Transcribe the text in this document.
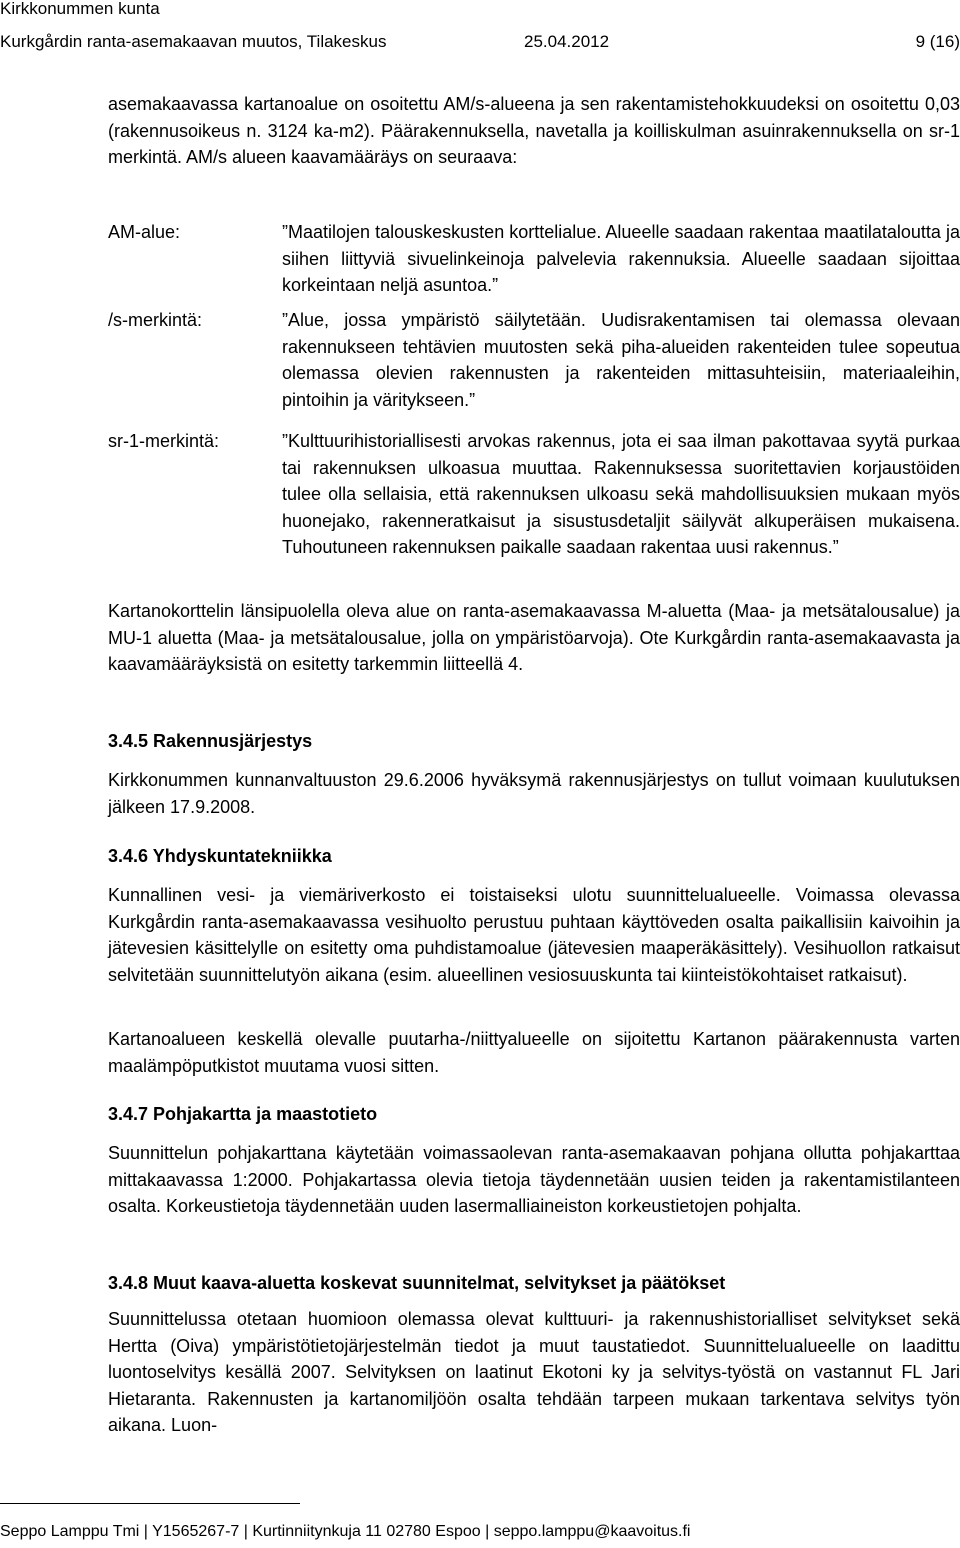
Kirkkonummen kunta
Kurkgårdin ranta-asemakaavan muutos, Tilakeskus	25.04.2012	9 (16)

asemakaavassa kartanoalue on osoitettu AM/s-alueena ja sen rakentamistehokkuudeksi on osoitettu 0,03 (rakennusoikeus n. 3124 ka-m2). Päärakennuksella, navetalla ja koilliskulman asuinrakennuksella on sr-1 merkintä. AM/s alueen kaavamääräys on seuraava:

AM-alue:	”Maatilojen talouskeskusten korttelialue. Alueelle saadaan rakentaa maatilataloutta ja siihen liittyviä sivuelinkeinoja palvelevia rakennuksia. Alueelle saadaan sijoittaa korkeintaan neljä asuntoa.”
/s-merkintä:	”Alue, jossa ympäristö säilytetään. Uudisrakentamisen tai olemassa olevaan rakennukseen tehtävien muutosten sekä piha-alueiden rakenteiden tulee sopeutua olemassa olevien rakennusten ja rakenteiden mittasuhteisiin, materiaaleihin, pintoihin ja väritykseen.”
sr-1-merkintä:	”Kulttuurihistoriallisesti arvokas rakennus, jota ei saa ilman pakottavaa syytä purkaa tai rakennuksen ulkoasua muuttaa. Rakennuksessa suoritettavien korjaustöiden tulee olla sellaisia, että rakennuksen ulkoasu sekä mahdollisuuksien mukaan myös huonejako, rakenneratkaisut ja sisustusdetaljit säilyvät alkuperäisen mukaisena. Tuhoutuneen rakennuksen paikalle saadaan rakentaa uusi rakennus.”

Kartanokorttelin länsipuolella oleva alue on ranta-asemakaavassa M-aluetta (Maa- ja metsätalousalue) ja MU-1 aluetta (Maa- ja metsätalousalue, jolla on ympäristöarvoja). Ote Kurkgårdin ranta-asemakaavasta ja kaavamääräyksistä on esitetty tarkemmin liitteellä 4.

3.4.5 Rakennusjärjestys

Kirkkonummen kunnanvaltuuston 29.6.2006 hyväksymä rakennusjärjestys on tullut voimaan kuulutuksen jälkeen 17.9.2008.

3.4.6 Yhdyskuntatekniikka

Kunnallinen vesi- ja viemäriverkosto ei toistaiseksi ulotu suunnittelualueelle. Voimassa olevassa Kurkgårdin ranta-asemakaavassa vesihuolto perustuu puhtaan käyttöveden osalta paikallisiin kaivoihin ja jätevesien käsittelylle on esitetty oma puhdistamoalue (jätevesien maaperäkäsittely). Vesihuollon ratkaisut selvitetään suunnittelutyön aikana (esim. alueellinen vesiosuuskunta tai kiinteistökohtaiset ratkaisut).

Kartanoalueen keskellä olevalle puutarha-/niittyalueelle on sijoitettu Kartanon päärakennusta varten maalämpöputkistot muutama vuosi sitten.

3.4.7 Pohjakartta ja maastotieto

Suunnittelun pohjakarttana käytetään voimassaolevan ranta-asemakaavan pohjana ollutta pohjakarttaa mittakaavassa 1:2000. Pohjakartassa olevia tietoja täydennetään uusien teiden ja rakentamistilanteen osalta. Korkeustietoja täydennetään uuden lasermalliaineiston korkeustietojen pohjalta.

3.4.8 Muut kaava-aluetta koskevat suunnitelmat, selvitykset ja päätökset

Suunnittelussa otetaan huomioon olemassa olevat kulttuuri- ja rakennushistorialliset selvitykset sekä Hertta (Oiva) ympäristötietojärjestelmän tiedot ja muut taustatiedot. Suunnittelualueelle on laadittu luontoselvitys kesällä 2007. Selvityksen on laatinut Ekotoni ky ja selvitys-työstä on vastannut FL Jari Hietaranta. Rakennusten ja kartanomiljöön osalta tehdään tarpeen mukaan tarkentava selvitys työn aikana. Luon-

Seppo Lamppu Tmi | Y1565267-7 | Kurtinniitynkuja 11 02780 Espoo | seppo.lamppu@kaavoitus.fi
